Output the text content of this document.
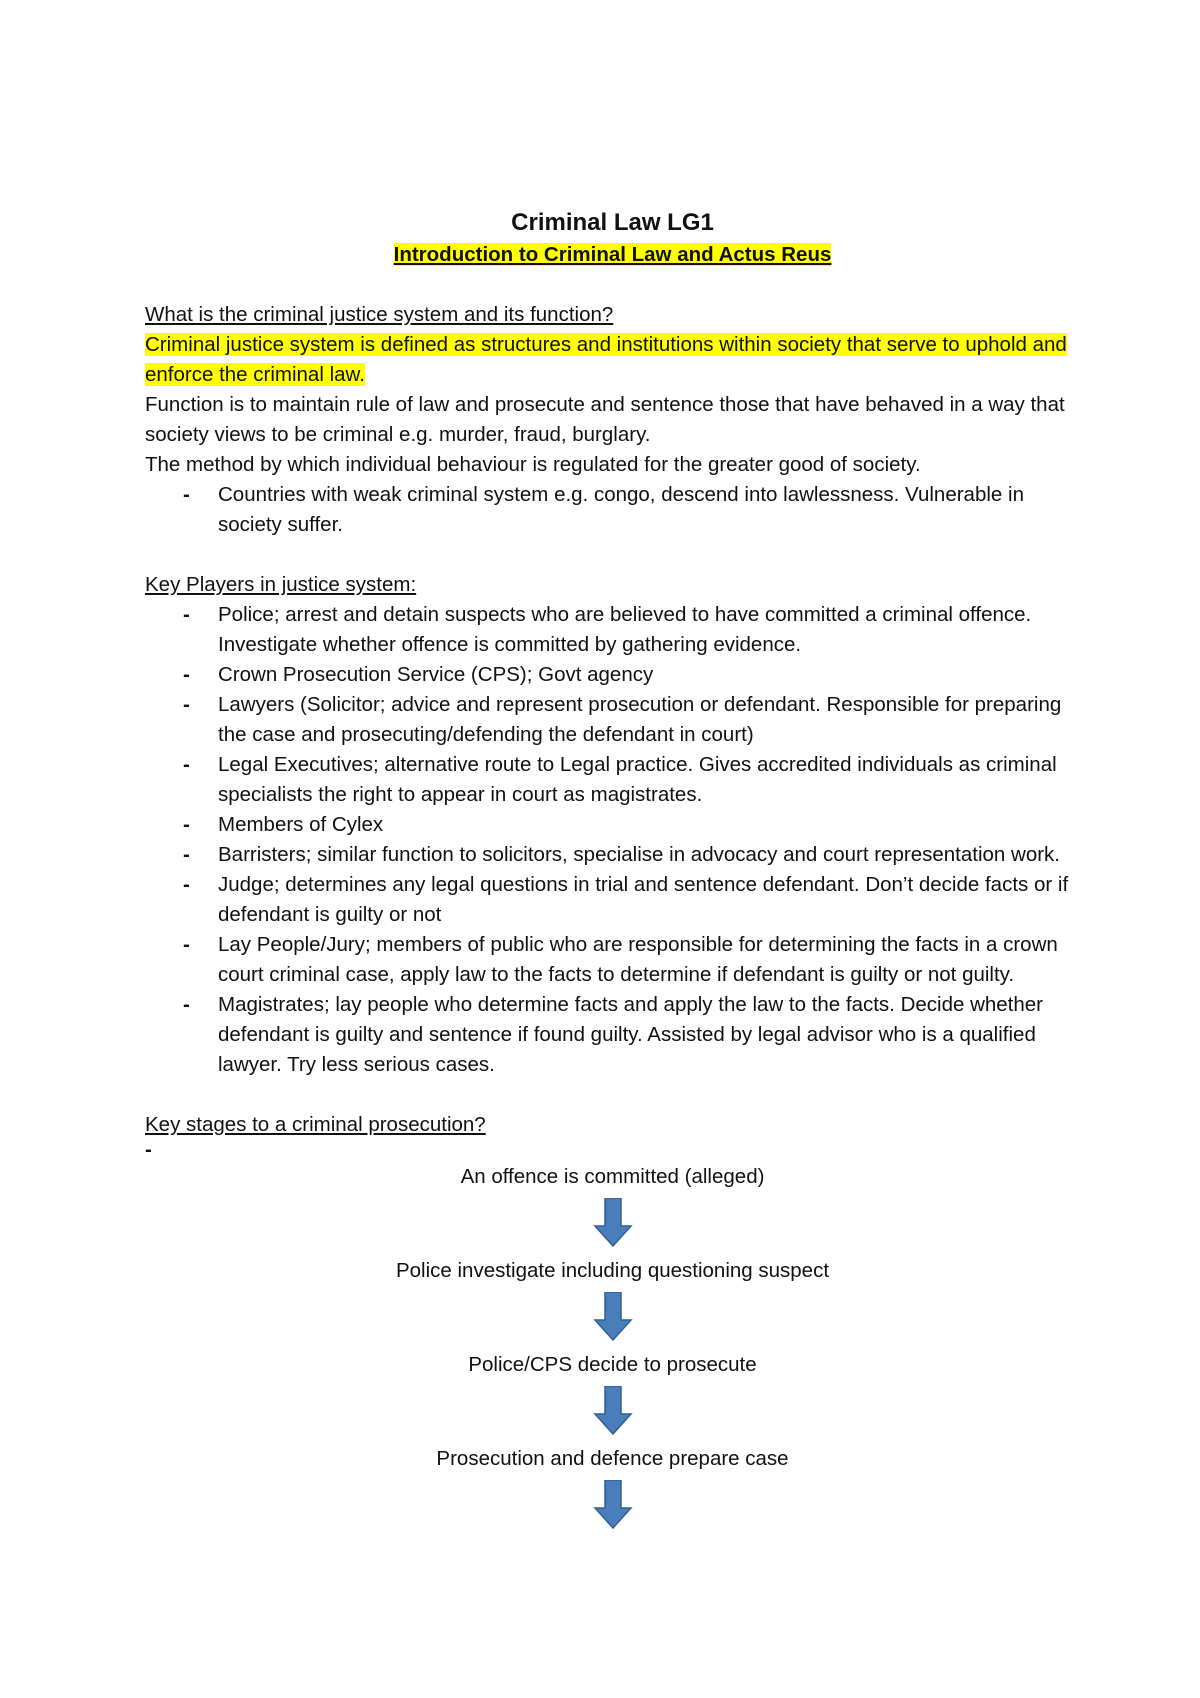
Criminal Law LG1

Introduction to Criminal Law and Actus Reus

What is the criminal justice system and its function?

Criminal justice system is defined as structures and institutions within society that serve to uphold and enforce the criminal law.

Function is to maintain rule of law and prosecute and sentence those that have behaved in a way that society views to be criminal e.g. murder, fraud, burglary.

The method by which individual behaviour is regulated for the greater good of society.

- Countries with weak criminal system e.g. congo, descend into lawlessness. Vulnerable in society suffer.

Key Players in justice system:

- Police; arrest and detain suspects who are believed to have committed a criminal offence. Investigate whether offence is committed by gathering evidence.
- Crown Prosecution Service (CPS); Govt agency
- Lawyers (Solicitor; advice and represent prosecution or defendant. Responsible for preparing the case and prosecuting/defending the defendant in court)
- Legal Executives; alternative route to Legal practice. Gives accredited individuals as criminal specialists the right to appear in court as magistrates.
- Members of Cylex
- Barristers; similar function to solicitors, specialise in advocacy and court representation work.
- Judge; determines any legal questions in trial and sentence defendant. Don’t decide facts or if defendant is guilty or not
- Lay People/Jury; members of public who are responsible for determining the facts in a crown court criminal case, apply law to the facts to determine if defendant is guilty or not guilty.
- Magistrates; lay people who determine facts and apply the law to the facts. Decide whether defendant is guilty and sentence if found guilty. Assisted by legal advisor who is a qualified lawyer. Try less serious cases.

Key stages to a criminal prosecution?

-

An offence is committed (alleged)

Police investigate including questioning suspect

Police/CPS decide to prosecute

Prosecution and defence prepare case
